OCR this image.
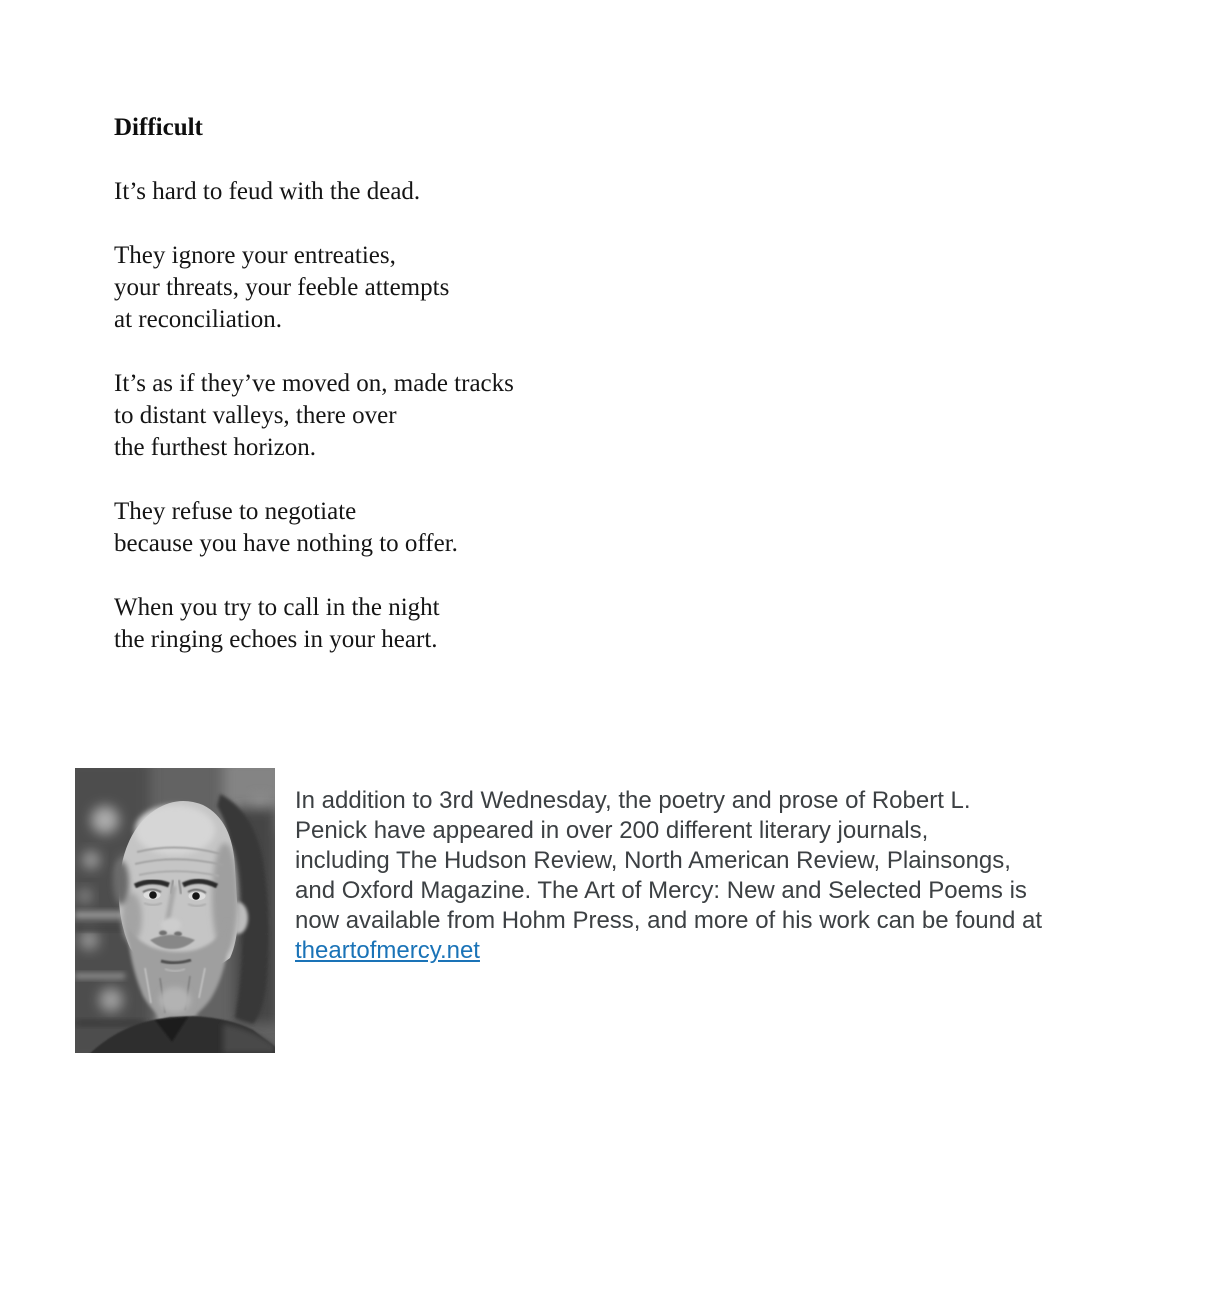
Difficult
It’s hard to feud with the dead.
They ignore your entreaties,
your threats, your feeble attempts
at reconciliation.
It’s as if they’ve moved on, made tracks
to distant valleys, there over
the furthest horizon.
They refuse to negotiate
because you have nothing to offer.
When you try to call in the night
the ringing echoes in your heart.
In addition to 3rd Wednesday, the poetry and prose of Robert L.
Penick have appeared in over 200 different literary journals,
including The Hudson Review, North American Review, Plainsongs,
and Oxford Magazine. The Art of Mercy: New and Selected Poems is
now available from Hohm Press, and more of his work can be found at
theartofmercy.net
